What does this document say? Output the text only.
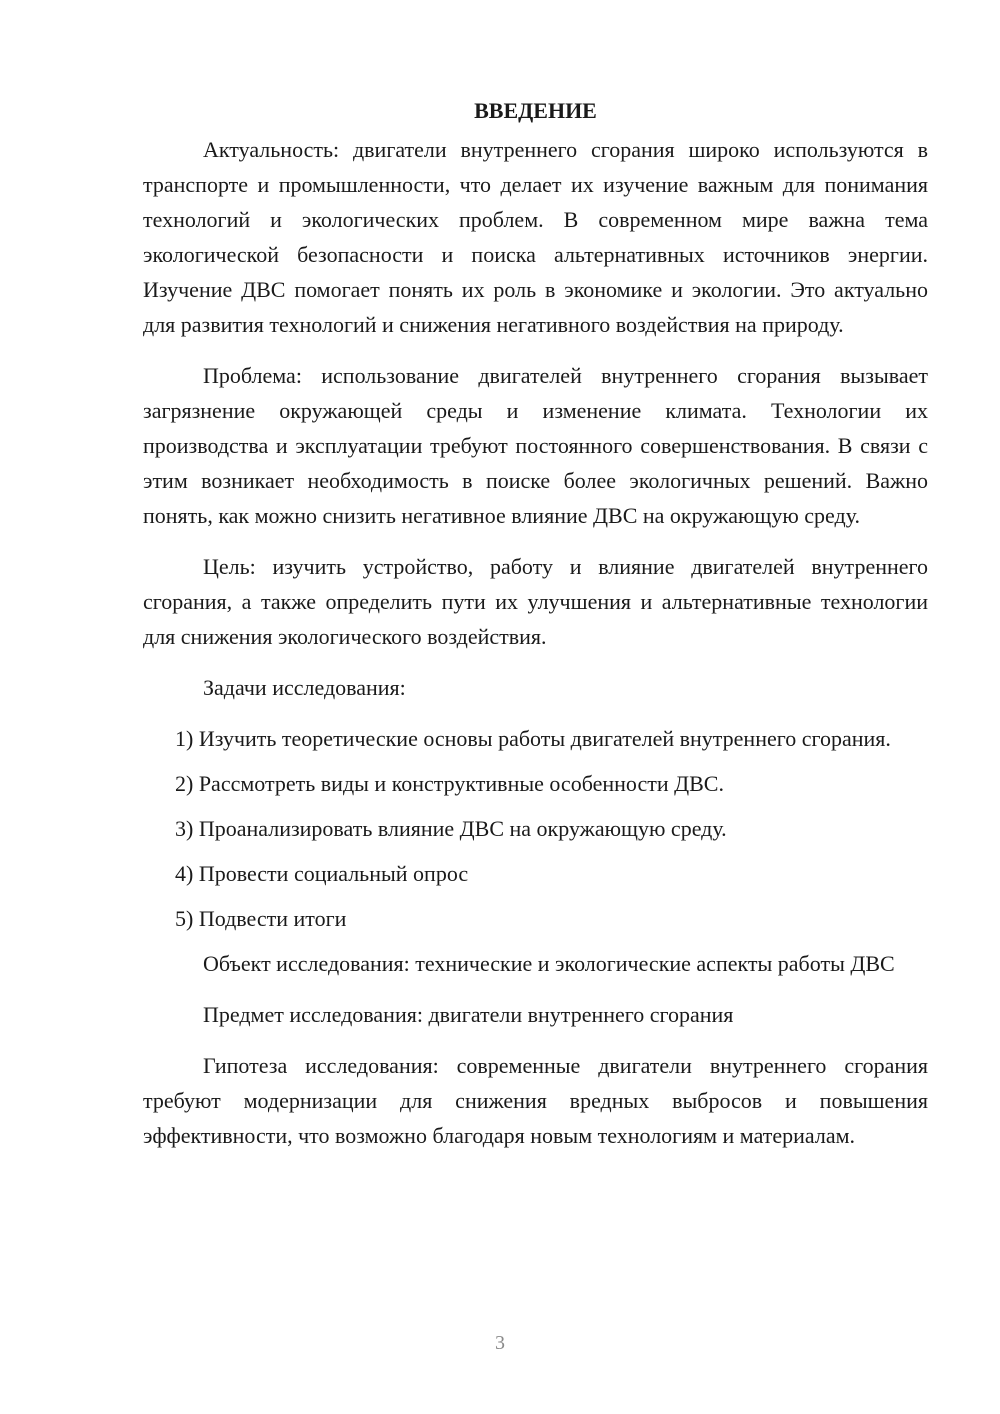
ВВЕДЕНИЕ

Актуальность: двигатели внутреннего сгорания широко используются в транспорте и промышленности, что делает их изучение важным для понимания технологий и экологических проблем. В современном мире важна тема экологической безопасности и поиска альтернативных источников энергии. Изучение ДВС помогает понять их роль в экономике и экологии. Это актуально для развития технологий и снижения негативного воздействия на природу.

Проблема: использование двигателей внутреннего сгорания вызывает загрязнение окружающей среды и изменение климата. Технологии их производства и эксплуатации требуют постоянного совершенствования. В связи с этим возникает необходимость в поиске более экологичных решений. Важно понять, как можно снизить негативное влияние ДВС на окружающую среду.

Цель: изучить устройство, работу и влияние двигателей внутреннего сгорания, а также определить пути их улучшения и альтернативные технологии для снижения экологического воздействия.

Задачи исследования:

1) Изучить теоретические основы работы двигателей внутреннего сгорания.

2) Рассмотреть виды и конструктивные особенности ДВС.

3) Проанализировать влияние ДВС на окружающую среду.

4) Провести социальный опрос

5) Подвести итоги

Объект исследования: технические и экологические аспекты работы ДВС

Предмет исследования: двигатели внутреннего сгорания

Гипотеза исследования: современные двигатели внутреннего сгорания требуют модернизации для снижения вредных выбросов и повышения эффективности, что возможно благодаря новым технологиям и материалам.

3
